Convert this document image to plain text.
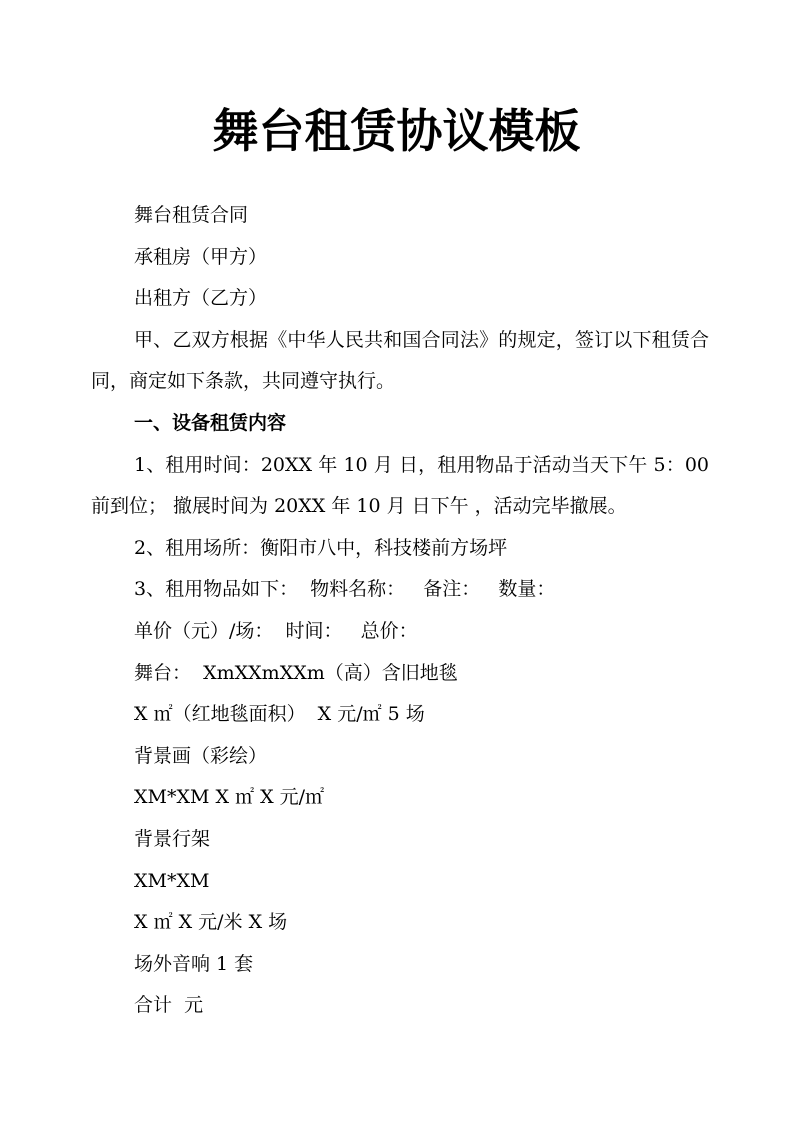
舞台租赁协议模板

舞台租赁合同

承租房（甲方）

出租方（乙方）

甲、乙双方根据《中华人民共和国合同法》的规定，签订以下租赁合同，商定如下条款，共同遵守执行。

一、设备租赁内容

1、租用时间：20XX 年 10 月 日，租用物品于活动当天下午 5：00 前到位； 撤展时间为 20XX 年 10 月 日下午 ，活动完毕撤展。

2、租用场所：衡阳市八中，科技楼前方场坪

3、租用物品如下：  物料名称：   备注：   数量：

单价（元）/场：  时间：   总价：

舞台：  XmXXmXXm（高）含旧地毯

X ㎡（红地毯面积）  X 元/㎡ 5 场

背景画（彩绘）

XM*XM X ㎡ X 元/㎡

背景行架

XM*XM

X ㎡ X 元/米 X 场

场外音响 1 套

合计  元
